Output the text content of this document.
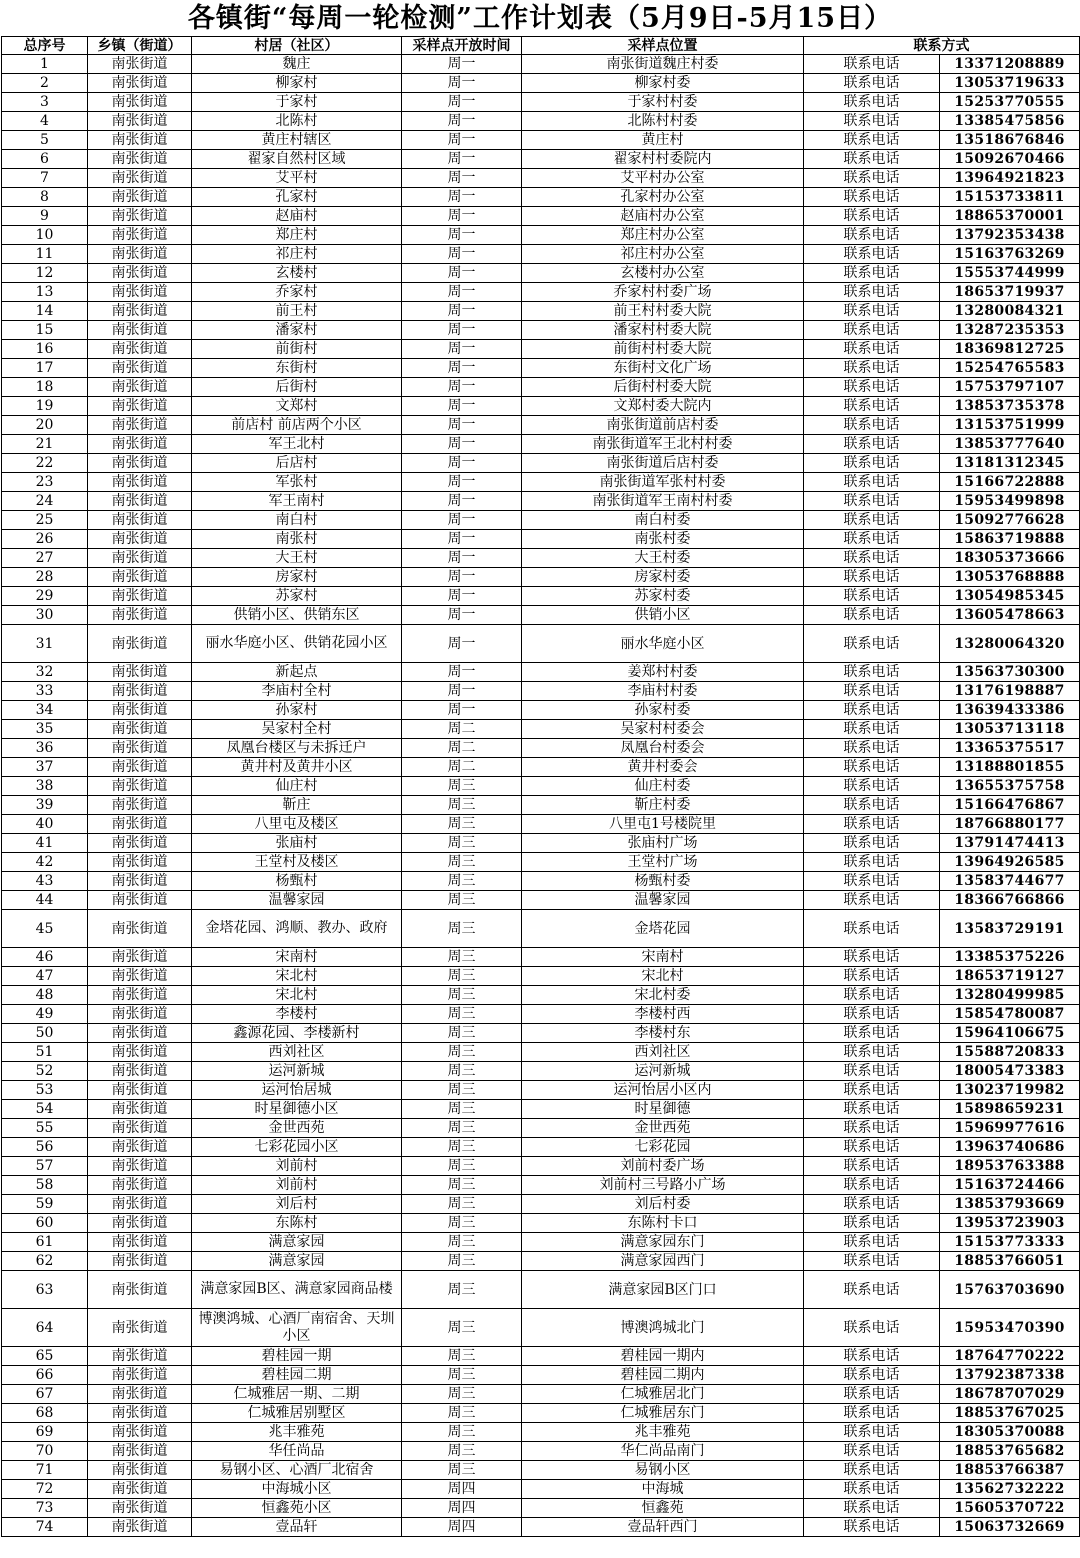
各镇街“每周一轮检测”工作计划表（5月9日-5月15日）
总序号	乡镇（街道）	村居（社区）	采样点开放时间	采样点位置	联系方式	
1	南张街道	魏庄	周一	南张街道魏庄村委	联系电话	13371208889
2	南张街道	柳家村	周一	柳家村委	联系电话	13053719633
3	南张街道	于家村	周一	于家村村委	联系电话	15253770555
4	南张街道	北陈村	周一	北陈村村委	联系电话	13385475856
5	南张街道	黄庄村辖区	周一	黄庄村	联系电话	13518676846
6	南张街道	翟家自然村区域	周一	翟家村村委院内	联系电话	15092670466
7	南张街道	艾平村	周一	艾平村办公室	联系电话	13964921823
8	南张街道	孔家村	周一	孔家村办公室	联系电话	15153733811
9	南张街道	赵庙村	周一	赵庙村办公室	联系电话	18865370001
10	南张街道	郑庄村	周一	郑庄村办公室	联系电话	13792353438
11	南张街道	祁庄村	周一	祁庄村办公室	联系电话	15163763269
12	南张街道	玄楼村	周一	玄楼村办公室	联系电话	15553744999
13	南张街道	乔家村	周一	乔家村村委广场	联系电话	18653719937
14	南张街道	前王村	周一	前王村村委大院	联系电话	13280084321
15	南张街道	潘家村	周一	潘家村村委大院	联系电话	13287235353
16	南张街道	前街村	周一	前街村村委大院	联系电话	18369812725
17	南张街道	东街村	周一	东街村文化广场	联系电话	15254765583
18	南张街道	后街村	周一	后街村村委大院	联系电话	15753797107
19	南张街道	文郑村	周一	文郑村委大院内	联系电话	13853735378
20	南张街道	前店村 前店两个小区	周一	南张街道前店村委	联系电话	13153751999
21	南张街道	军王北村	周一	南张街道军王北村村委	联系电话	13853777640
22	南张街道	后店村	周一	南张街道后店村委	联系电话	13181312345
23	南张街道	军张村	周一	南张街道军张村村委	联系电话	15166722888
24	南张街道	军王南村	周一	南张街道军王南村村委	联系电话	15953499898
25	南张街道	南白村	周一	南白村委	联系电话	15092776628
26	南张街道	南张村	周一	南张村委	联系电话	15863719888
27	南张街道	大王村	周一	大王村委	联系电话	18305373666
28	南张街道	房家村	周一	房家村委	联系电话	13053768888
29	南张街道	苏家村	周一	苏家村委	联系电话	13054985345
30	南张街道	供销小区、供销东区	周一	供销小区	联系电话	13605478663
31	南张街道	丽水华庭小区、供销花园小区	周一	丽水华庭小区	联系电话	13280064320
32	南张街道	新起点	周一	姜郑村村委	联系电话	13563730300
33	南张街道	李庙村全村	周一	李庙村村委	联系电话	13176198887
34	南张街道	孙家村	周一	孙家村委	联系电话	13639433386
35	南张街道	吴家村全村	周二	吴家村村委会	联系电话	13053713118
36	南张街道	凤凰台楼区与未拆迁户	周二	凤凰台村委会	联系电话	13365375517
37	南张街道	黄井村及黄井小区	周二	黄井村委会	联系电话	13188801855
38	南张街道	仙庄村	周三	仙庄村委	联系电话	13655375758
39	南张街道	靳庄	周三	靳庄村委	联系电话	15166476867
40	南张街道	八里屯及楼区	周三	八里屯1号楼院里	联系电话	18766880177
41	南张街道	张庙村	周三	张庙村广场	联系电话	13791474413
42	南张街道	王堂村及楼区	周三	王堂村广场	联系电话	13964926585
43	南张街道	杨甄村	周三	杨甄村委	联系电话	13583744677
44	南张街道	温馨家园	周三	温馨家园	联系电话	18366766866
45	南张街道	金塔花园、鸿顺、教办、政府	周三	金塔花园	联系电话	13583729191
46	南张街道	宋南村	周三	宋南村	联系电话	13385375226
47	南张街道	宋北村	周三	宋北村	联系电话	18653719127
48	南张街道	宋北村	周三	宋北村委	联系电话	13280499985
49	南张街道	李楼村	周三	李楼村西	联系电话	15854780087
50	南张街道	鑫源花园、李楼新村	周三	李楼村东	联系电话	15964106675
51	南张街道	西刘社区	周三	西刘社区	联系电话	15588720833
52	南张街道	运河新城	周三	运河新城	联系电话	18005473383
53	南张街道	运河怡居城	周三	运河怡居小区内	联系电话	13023719982
54	南张街道	时星御德小区	周三	时星御德	联系电话	15898659231
55	南张街道	金世西苑	周三	金世西苑	联系电话	15969977616
56	南张街道	七彩花园小区	周三	七彩花园	联系电话	13963740686
57	南张街道	刘前村	周三	刘前村委广场	联系电话	18953763388
58	南张街道	刘前村	周三	刘前村三号路小广场	联系电话	15163724466
59	南张街道	刘后村	周三	刘后村委	联系电话	13853793669
60	南张街道	东陈村	周三	东陈村卡口	联系电话	13953723903
61	南张街道	满意家园	周三	满意家园东门	联系电话	15153773333
62	南张街道	满意家园	周三	满意家园西门	联系电话	18853766051
63	南张街道	满意家园B区、满意家园商品楼	周三	满意家园B区门口	联系电话	15763703690
64	南张街道	博澳鸿城、心酒厂南宿舍、天圳小区	周三	博澳鸿城北门	联系电话	15953470390
65	南张街道	碧桂园一期	周三	碧桂园一期内	联系电话	18764770222
66	南张街道	碧桂园二期	周三	碧桂园二期内	联系电话	13792387338
67	南张街道	仁城雅居一期、二期	周三	仁城雅居北门	联系电话	18678707029
68	南张街道	仁城雅居别墅区	周三	仁城雅居东门	联系电话	18853767025
69	南张街道	兆丰雅苑	周三	兆丰雅苑	联系电话	18305370088
70	南张街道	华任尚品	周三	华仁尚品南门	联系电话	18853765682
71	南张街道	易钢小区、心酒厂北宿舍	周三	易钢小区	联系电话	18853766387
72	南张街道	中海城小区	周四	中海城	联系电话	13562732222
73	南张街道	恒鑫苑小区	周四	恒鑫苑	联系电话	15605370722
74	南张街道	壹品轩	周四	壹品轩西门	联系电话	15063732669
